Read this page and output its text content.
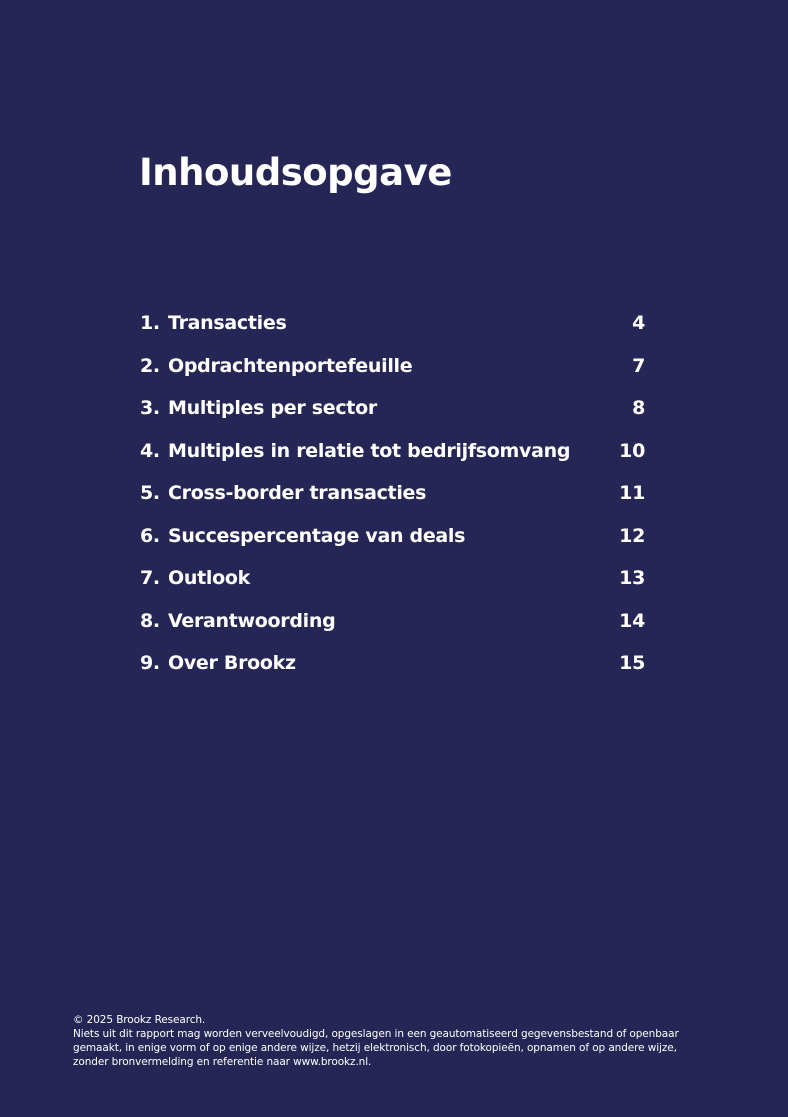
Inhoudsopgave
1. Transacties	4
2. Opdrachtenportefeuille	7
3. Multiples per sector	8
4. Multiples in relatie tot bedrijfsomvang	10
5. Cross-border transacties	11
6. Succespercentage van deals	12
7. Outlook	13
8. Verantwoording	14
9. Over Brookz	15
© 2025 Brookz Research.
Niets uit dit rapport mag worden verveelvoudigd, opgeslagen in een geautomatiseerd gegevensbestand of openbaar
gemaakt, in enige vorm of op enige andere wijze, hetzij elektronisch, door fotokopieën, opnamen of op andere wijze,
zonder bronvermelding en referentie naar www.brookz.nl.
